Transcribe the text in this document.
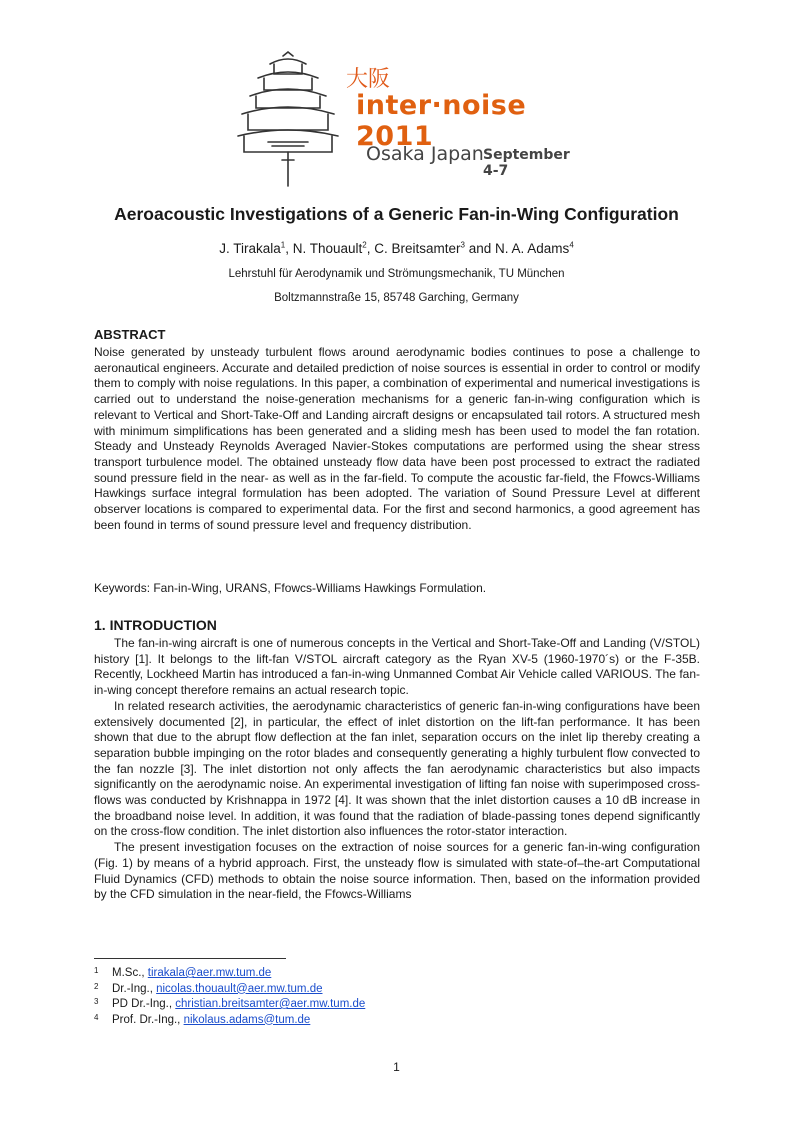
大阪
inter·noise 2011
Osaka Japan September 4-7
Aeroacoustic Investigations of a Generic Fan-in-Wing Configuration
J. Tirakala$^1$, N. Thouault$^2$, C. Breitsamter$^3$ and N. A. Adams$^4$
Lehrstuhl für Aerodynamik und Strömungsmechanik, TU München
Boltzmannstraße 15, 85748 Garching, Germany
ABSTRACT

Noise generated by unsteady turbulent flows around aerodynamic bodies continues to pose a challenge to aeronautical engineers. Accurate and detailed prediction of noise sources is essential in order to control or modify them to comply with noise regulations. In this paper, a combination of experimental and numerical investigations is carried out to understand the noise-generation mechanisms for a generic fan-in-wing configuration which is relevant to Vertical and Short-Take-Off and Landing aircraft designs or encapsulated tail rotors. A structured mesh with minimum simplifications has been generated and a sliding mesh has been used to model the fan rotation. Steady and Unsteady Reynolds Averaged Navier-Stokes computations are performed using the shear stress transport turbulence model. The obtained unsteady flow data have been post processed to extract the radiated sound pressure field in the near- as well as in the far-field. To compute the acoustic far-field, the Ffowcs-Williams Hawkings surface integral formulation has been adopted. The variation of Sound Pressure Level at different observer locations is compared to experimental data. For the first and second harmonics, a good agreement has been found in terms of sound pressure level and frequency distribution.

Keywords: Fan-in-Wing, URANS, Ffowcs-Williams Hawkings Formulation.
1. INTRODUCTION

The fan-in-wing aircraft is one of numerous concepts in the Vertical and Short-Take-Off and Landing (V/STOL) history [1]. It belongs to the lift-fan V/STOL aircraft category as the Ryan XV-5 (1960-1970´s) or the F-35B. Recently, Lockheed Martin has introduced a fan-in-wing Unmanned Combat Air Vehicle called VARIOUS. The fan-in-wing concept therefore remains an actual research topic.

In related research activities, the aerodynamic characteristics of generic fan-in-wing configurations have been extensively documented [2], in particular, the effect of inlet distortion on the lift-fan performance. It has been shown that due to the abrupt flow deflection at the fan inlet, separation occurs on the inlet lip thereby creating a separation bubble impinging on the rotor blades and consequently generating a highly turbulent flow convected to the fan nozzle [3]. The inlet distortion not only affects the fan aerodynamic characteristics but also impacts significantly on the aerodynamic noise. An experimental investigation of lifting fan noise with superimposed cross-flows was conducted by Krishnappa in 1972 [4]. It was shown that the inlet distortion causes a 10 dB increase in the broadband noise level. In addition, it was found that the radiation of blade-passing tones depend significantly on the cross-flow condition. The inlet distortion also influences the rotor-stator interaction.

The present investigation focuses on the extraction of noise sources for a generic fan-in-wing configuration (Fig. 1) by means of a hybrid approach. First, the unsteady flow is simulated with state-of–the-art Computational Fluid Dynamics (CFD) methods to obtain the noise source information. Then, based on the information provided by the CFD simulation in the near-field, the Ffowcs-Williams

1 M.Sc., tirakala@aer.mw.tum.de
2 Dr.-Ing., nicolas.thouault@aer.mw.tum.de
3 PD Dr.-Ing., christian.breitsamter@aer.mw.tum.de
4 Prof. Dr.-Ing., nikolaus.adams@tum.de
1
